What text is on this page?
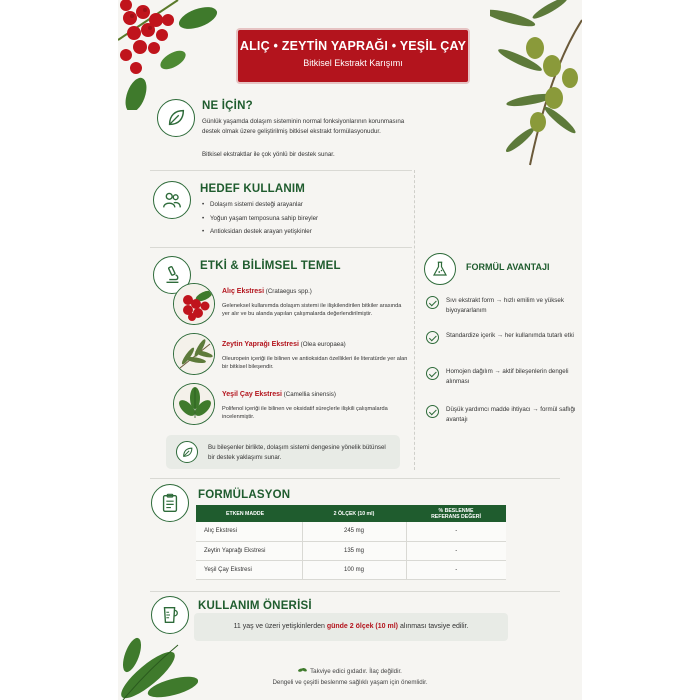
ALIÇ • ZEYTİN YAPRAĞI • YEŞİL ÇAY
Bitkisel Ekstrakt Karışımı
NE İÇİN?
Günlük yaşamda dolaşım sisteminin normal fonksiyonlarının korunmasına destek olmak üzere geliştirilmiş bitkisel ekstrakt formülasyonudur.
Bitkisel ekstraktlar ile çok yönlü bir destek sunar.
HEDEF KULLANIM
• Dolaşım sistemi desteği arayanlar
• Yoğun yaşam temposuna sahip bireyler
• Antioksidan destek arayan yetişkinler
ETKİ & BİLİMSEL TEMEL
Alıç Ekstresi (Crataegus spp.)
Geleneksel kullanımda dolaşım sistemi ile ilişkilendirilen bitkiler arasında yer alır ve bu alanda yapılan çalışmalarda değerlendirilmiştir.
Zeytin Yaprağı Ekstresi (Olea europaea)
Oleuropein içeriği ile bilinen ve antioksidan özellikleri ile literatürde yer alan bir bitkisel bileşendir.
Yeşil Çay Ekstresi (Camellia sinensis)
Polifenol içeriği ile bilinen ve oksidatif süreçlerle ilişkili çalışmalarda incelenmiştir.
Bu bileşenler birlikte, dolaşım sistemi dengesine yönelik bütünsel bir destek yaklaşımı sunar.
FORMÜL AVANTAJI
Sıvı ekstrakt form → hızlı emilim ve yüksek biyoyararlanım
Standardize içerik → her kullanımda tutarlı etki
Homojen dağılım → aktif bileşenlerin dengeli alınması
Düşük yardımcı madde ihtiyacı → formül saflığı avantajı
FORMÜLASYON
ETKEN MADDE	2 ÖLÇEK (10 ml)	% BESLENME REFERANS DEĞERİ
Alıç Ekstresi	245 mg	-
Zeytin Yaprağı Ekstresi	135 mg	-
Yeşil Çay Ekstresi	100 mg	-
KULLANIM ÖNERİSİ
11 yaş ve üzeri yetişkinlerden günde 2 ölçek (10 ml) alınması tavsiye edilir.
Takviye edici gıdadır. İlaç değildir.
Dengeli ve çeşitli beslenme sağlıklı yaşam için önemlidir.
